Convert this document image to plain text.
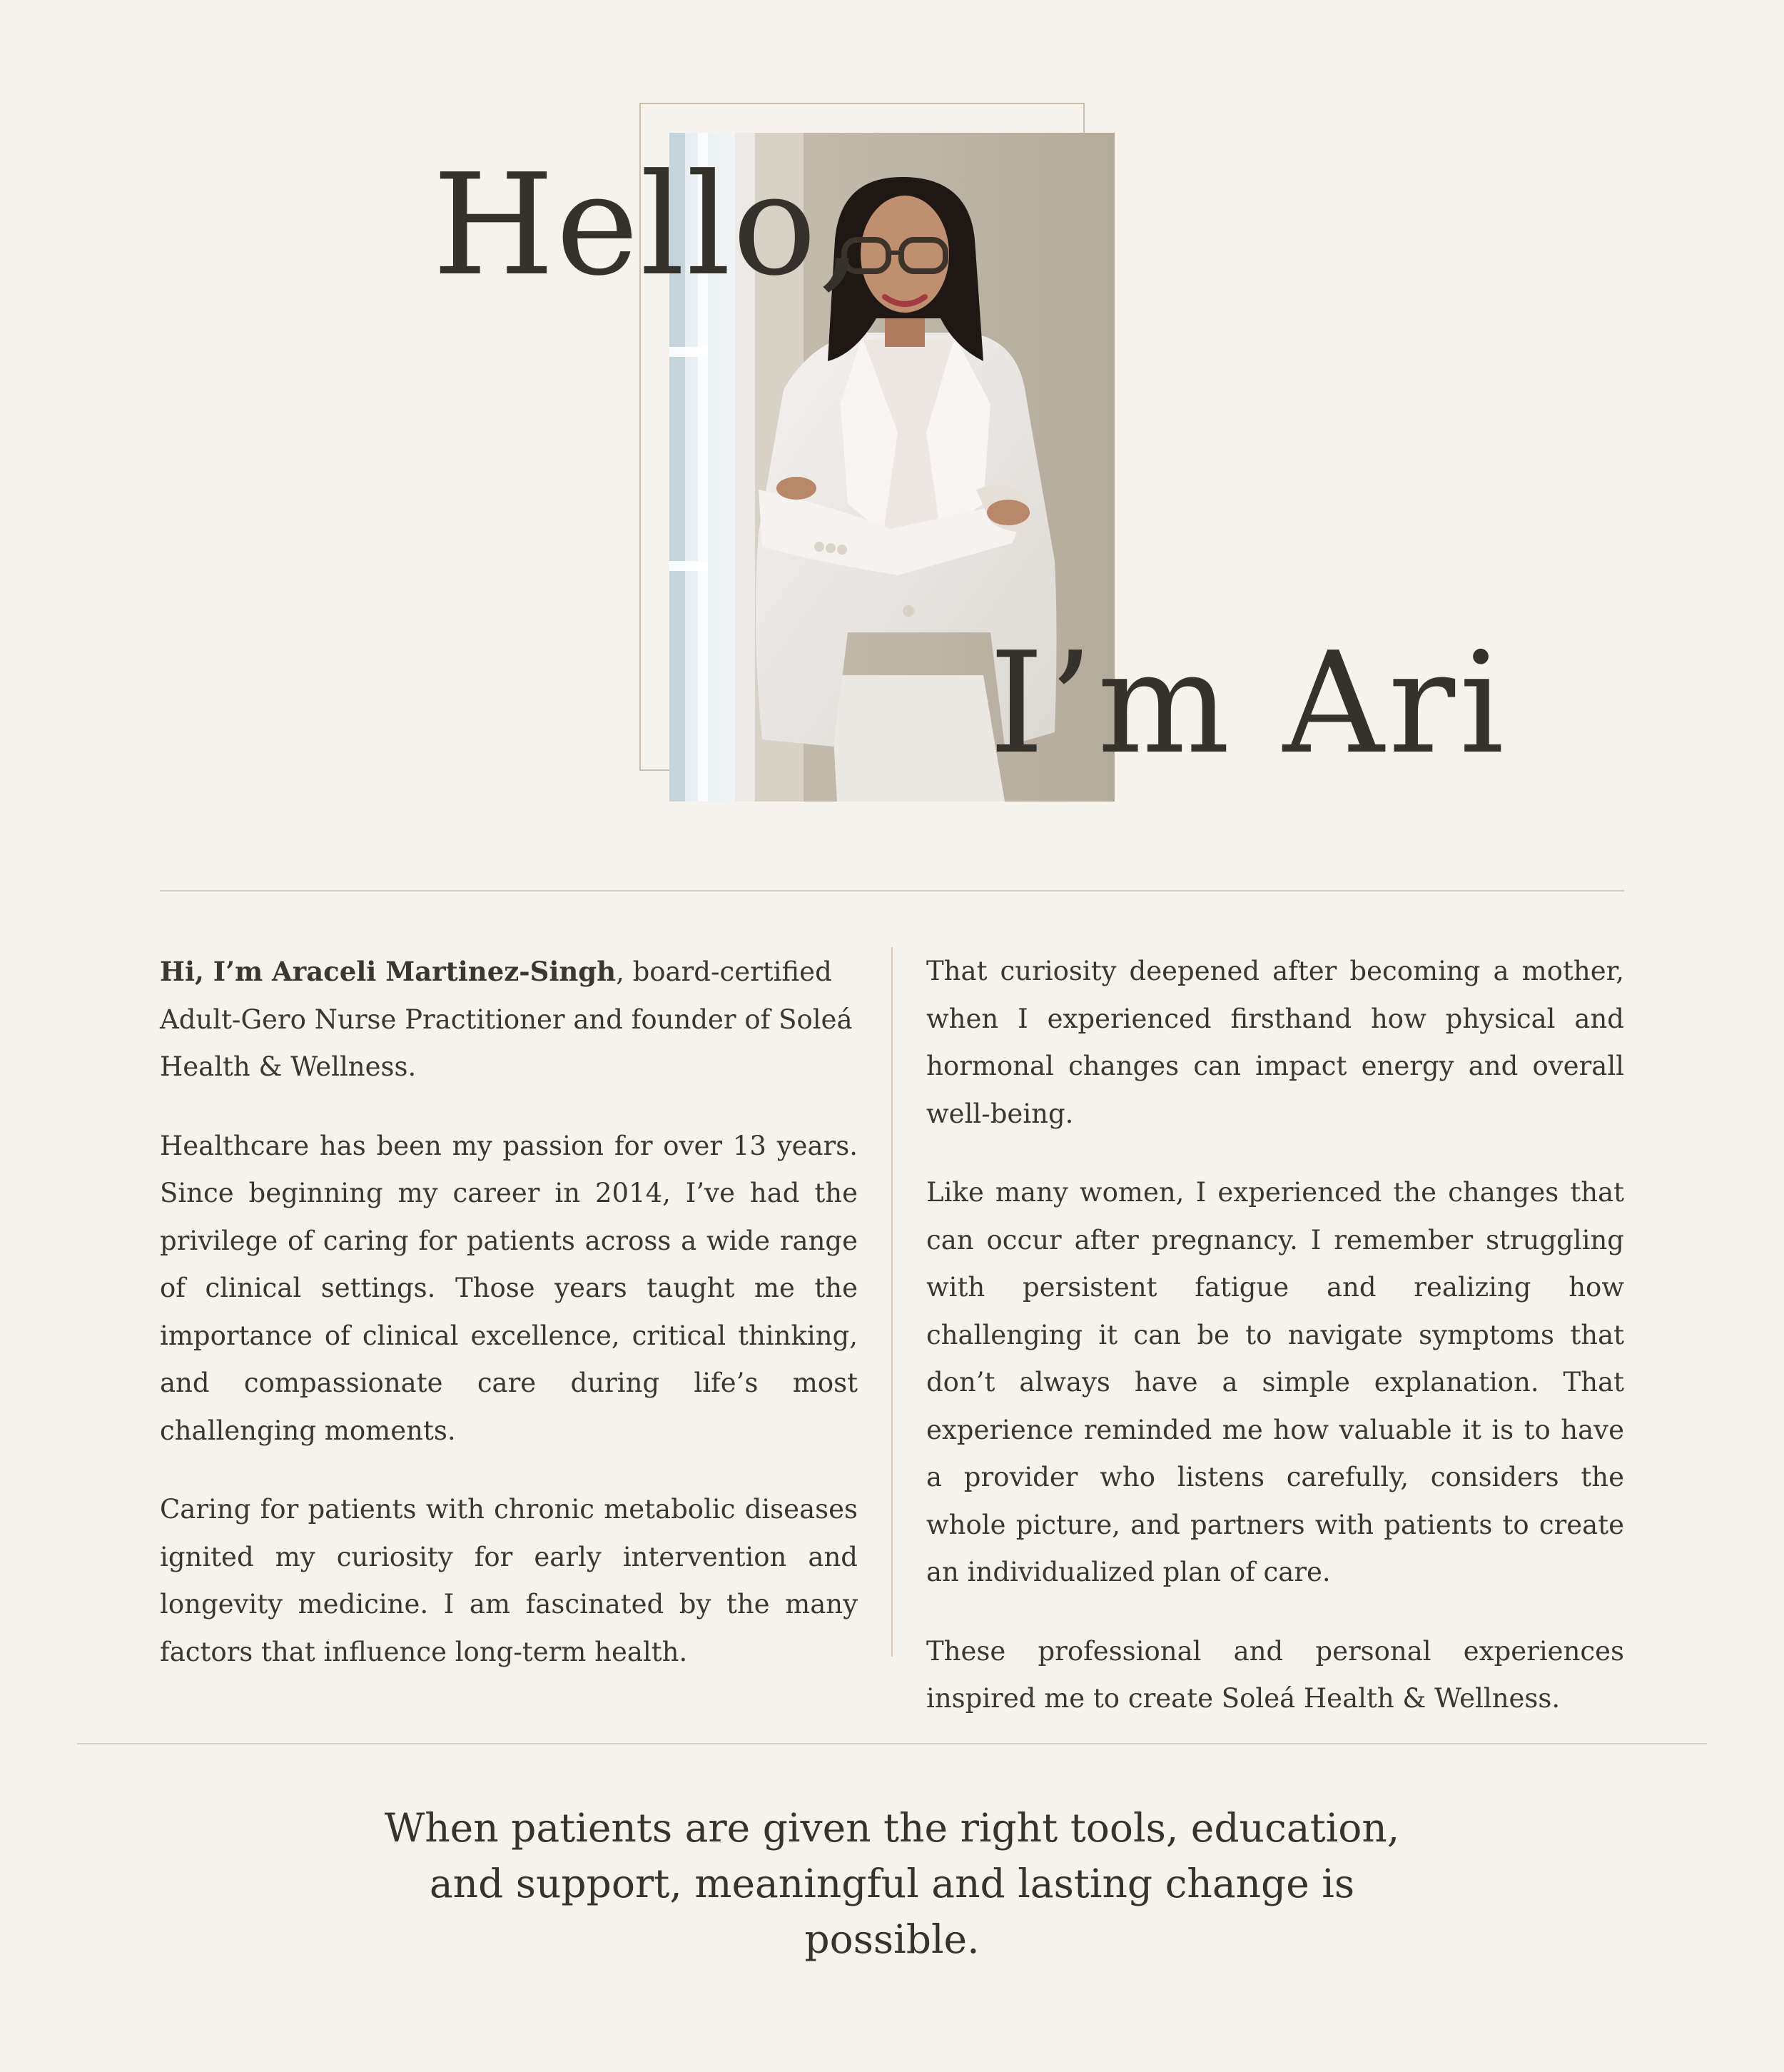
Hello,
I’m Ari

Hi, I’m Araceli Martinez-Singh, board-certified Adult-Gero Nurse Practitioner and founder of Soleá Health & Wellness.

Healthcare has been my passion for over 13 years. Since beginning my career in 2014, I’ve had the privilege of caring for patients across a wide range of clinical settings. Those years taught me the importance of clinical excellence, critical thinking, and compassionate care during life’s most challenging moments.

Caring for patients with chronic metabolic diseases ignited my curiosity for early intervention and longevity medicine. I am fascinated by the many factors that influence long-term health.

That curiosity deepened after becoming a mother, when I experienced firsthand how physical and hormonal changes can impact energy and overall well-being.

Like many women, I experienced the changes that can occur after pregnancy. I remember struggling with persistent fatigue and realizing how challenging it can be to navigate symptoms that don’t always have a simple explanation. That experience reminded me how valuable it is to have a provider who listens carefully, considers the whole picture, and partners with patients to create an individualized plan of care.

These professional and personal experiences inspired me to create Soleá Health & Wellness.

When patients are given the right tools, education, and support, meaningful and lasting change is possible.
